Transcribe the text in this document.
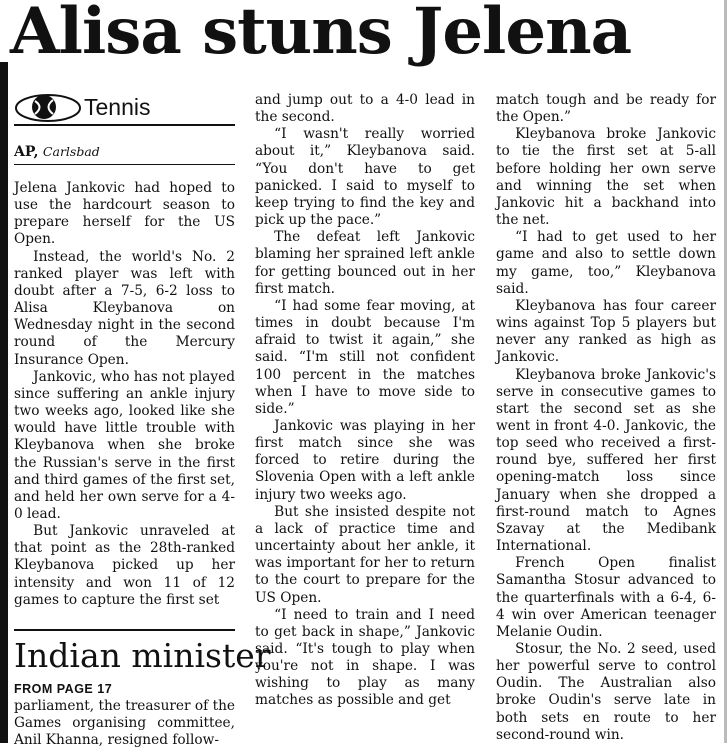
Alisa stuns Jelena
Tennis
AP, Carlsbad

Jelena Jankovic had hoped to use the hardcourt season to prepare herself for the US Open.

Instead, the world's No. 2 ranked player was left with doubt after a 7-5, 6-2 loss to Alisa Kleybanova on Wednesday night in the second round of the Mercury Insurance Open.

Jankovic, who has not played since suffering an ankle injury two weeks ago, looked like she would have little trouble with Kleybanova when she broke the Russian's serve in the first and third games of the first set, and held her own serve for a 4-0 lead.

But Jankovic unraveled at that point as the 28th-ranked Kleybanova picked up her intensity and won 11 of 12 games to capture the first set

and jump out to a 4-0 lead in the second.

“I wasn't really worried about it,” Kleybanova said. “You don't have to get panicked. I said to myself to keep trying to find the key and pick up the pace.”

The defeat left Jankovic blaming her sprained left ankle for getting bounced out in her first match.

“I had some fear moving, at times in doubt because I'm afraid to twist it again,” she said. “I'm still not confident 100 percent in the matches when I have to move side to side.”

Jankovic was playing in her first match since she was forced to retire during the Slovenia Open with a left ankle injury two weeks ago.

But she insisted despite not a lack of practice time and uncertainty about her ankle, it was important for her to return to the court to prepare for the US Open.

“I need to train and I need to get back in shape,” Jankovic said. “It's tough to play when you're not in shape. I was wishing to play as many matches as possible and get

match tough and be ready for the Open.”

Kleybanova broke Jankovic to tie the first set at 5-all before holding her own serve and winning the set when Jankovic hit a backhand into the net.

“I had to get used to her game and also to settle down my game, too,” Kleybanova said.

Kleybanova has four career wins against Top 5 players but never any ranked as high as Jankovic.

Kleybanova broke Jankovic's serve in consecutive games to start the second set as she went in front 4-0. Jankovic, the top seed who received a first-round bye, suffered her first opening-match loss since January when she dropped a first-round match to Agnes Szavay at the Medibank International.

French Open finalist Samantha Stosur advanced to the quarterfinals with a 6-4, 6-4 win over American teenager Melanie Oudin.

Stosur, the No. 2 seed, used her powerful serve to control Oudin. The Australian also broke Oudin's serve late in both sets en route to her second-round win.

Indian minister
FROM PAGE 17

parliament, the treasurer of the Games organising committee, Anil Khanna, resigned follow-
